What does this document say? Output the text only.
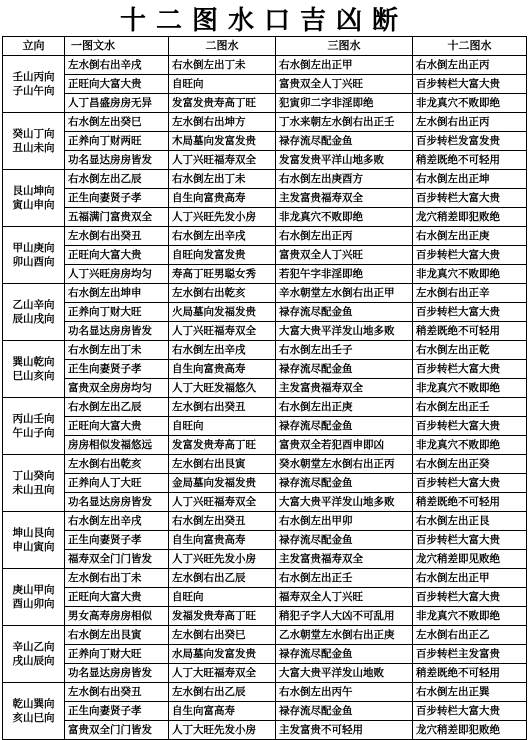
十二图水口吉凶断
立向	一图文水	二图水	三图水	十二图水

壬山丙向
子山午向	左水倒右出辛戌	右水倒左出丁未	右水倒左出正甲	右水倒左出正丙
	正旺向大富大贵	自旺向	富贵双全人丁兴旺	百步转栏大富大贵
	人丁昌盛房房无异	发富发贵寿高丁旺	犯寅卯二字非淫即绝	非龙真穴不败即绝

癸山丁向
丑山未向	右水倒左出癸巳	左水倒右出坤方	丁水来朝左水倒右出正壬	左水倒右出正丙
	正养向丁财两旺	木局墓向发富发贵	禄存流尽配金鱼	百步转栏发富发贵
	功名显达房房皆发	人丁兴旺福寿双全	发富发贵平洋山地多败	稍差既绝不可轻用

艮山坤向
寅山申向	右水倒左出乙辰	右水倒左出丁未	右水倒左出庚酉方	右水倒左出正坤
	正生向妻贤子孝	自生向富贵高寿	主发富贵福寿双全	百步转栏大富大贵
	五福满门富贵双全	人丁兴旺先发小房	非龙真穴不败即绝	龙穴稍差即犯败绝

甲山庚向
卯山酉向	左水倒右出癸丑	右水倒左出辛戌	右水倒左出正丙	右水倒左出正庚
	正旺向大富大贵	自旺向发富发贵	富贵双全人丁兴旺	百步转栏大富大贵
	人丁兴旺房房均匀	寿高丁旺男聪女秀	若犯午字非淫即绝	非龙真穴不败即绝

乙山辛向
辰山戌向	右水倒左出坤申	左水倒右出乾亥	辛水朝堂左水倒右出正甲	左水倒右出正辛
	正养向丁财大旺	火局墓向发福发贵	禄存流尽配金鱼	百步转栏大富大贵
	功名显达房房皆发	人丁兴旺福寿双全	大富大贵平洋发山地多败	稍差既绝不可轻用

巽山乾向
巳山亥向	右水倒左出丁未	右水倒左出辛戌	右水倒左出壬子	右水倒左出正乾
	正生向妻贤子孝	自生向富贵高寿	禄存流尽配金鱼	百步转栏大富大贵
	富贵双全房房均匀	人丁大旺发福悠久	主发富贵福寿双全	非龙真穴不败即绝

丙山壬向
午山子向	右水倒左出乙辰	左水倒右出癸丑	右水倒左出正庚	右水倒左出正壬
	正旺向大富大贵	自旺向	禄存流尽配金鱼	百步转栏大富大贵
	房房相似发福悠远	发富发贵寿高丁旺	富贵双全若犯酉申即凶	非龙真穴不败即绝

丁山癸向
未山丑向	左水倒右出乾亥	左水倒右出艮寅	癸水朝堂左水倒右出正丙	右水倒左出正癸
	正养向人丁大旺	金局墓向发福发贵	禄存流尽配金鱼	百步转栏大富大贵
	功名显达房房皆发	人丁兴旺福寿双全	大富大贵平洋发山地多败	稍差既绝不可轻用

坤山艮向
申山寅向	右水倒左出辛戌	右水倒左出癸丑	右水倒左出甲卯	右水倒左出正艮
	正生向妻贤子孝	自生向富贵高寿	禄存流尽配金鱼	百步转栏大富大贵
	福寿双全门门皆发	人丁兴旺先发小房	主发富贵福寿双全	龙穴稍差即见败绝

庚山甲向
酉山卯向	左水倒右出丁未	左水倒右出乙辰	右水倒左出正壬	右水倒左出正甲
	正旺向大富大贵	自旺向	福寿双全人丁兴旺	百步转栏大富大贵
	男女高寿房房相似	发福发贵寿高丁旺	稍犯子字人大凶不可乱用	非龙真穴不败即绝

辛山乙向
戌山辰向	右水倒左出艮寅	左水倒右出癸巳	乙水朝堂左水倒右出正庚	左水倒右出正乙
	正养向丁财大旺	水局墓向发富发贵	禄存流尽配金鱼	百步转栏主发富贵
	功名显达房房皆发	人丁大旺福寿双全	大富大贵平洋发山地败	稍差既绝不可轻用

乾山巽向
亥山巳向	左水倒右出癸丑	左水倒右出乙辰	右水倒左出丙午	右水倒左出正巽
	正生向妻贤子孝	自生向富高寿	禄存流尽配金鱼	百步转栏大富大贵
	富贵双全门门皆发	人丁大旺先发小房	主发富贵不可轻用	龙穴稍差即犯败绝
